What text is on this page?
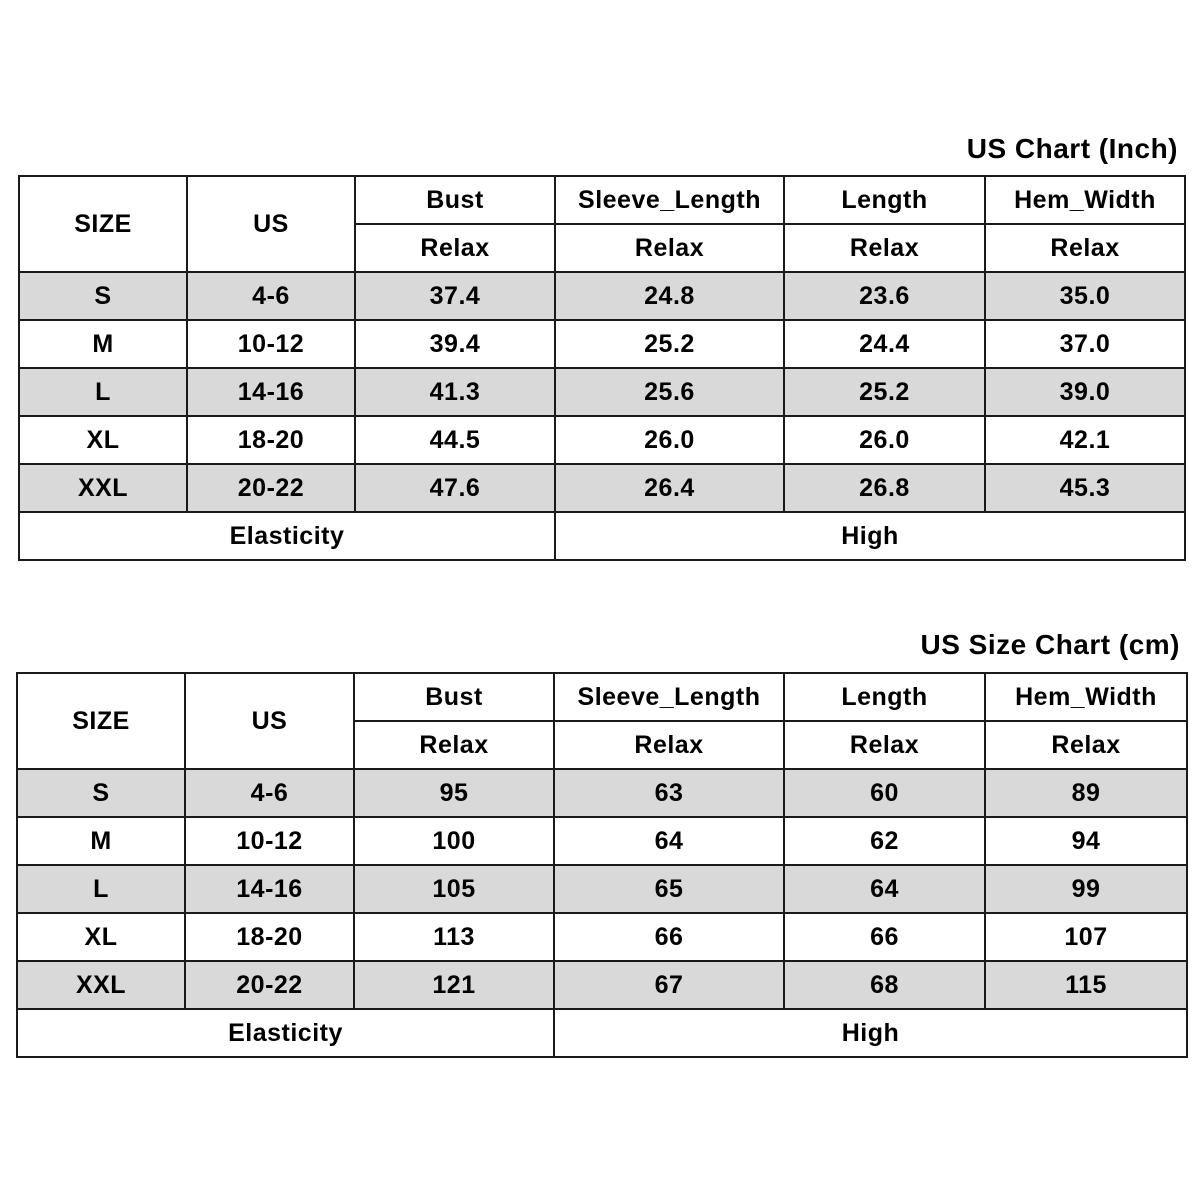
US Chart (Inch)
SIZE	US	Bust	Sleeve_Length	Length	Hem_Width
		Relax	Relax	Relax	Relax
S	4-6	37.4	24.8	23.6	35.0
M	10-12	39.4	25.2	24.4	37.0
L	14-16	41.3	25.6	25.2	39.0
XL	18-20	44.5	26.0	26.0	42.1
XXL	20-22	47.6	26.4	26.8	45.3
Elasticity			High		
US Size Chart (cm)
SIZE	US	Bust	Sleeve_Length	Length	Hem_Width
		Relax	Relax	Relax	Relax
S	4-6	95	63	60	89
M	10-12	100	64	62	94
L	14-16	105	65	64	99
XL	18-20	113	66	66	107
XXL	20-22	121	67	68	115
Elasticity			High		
